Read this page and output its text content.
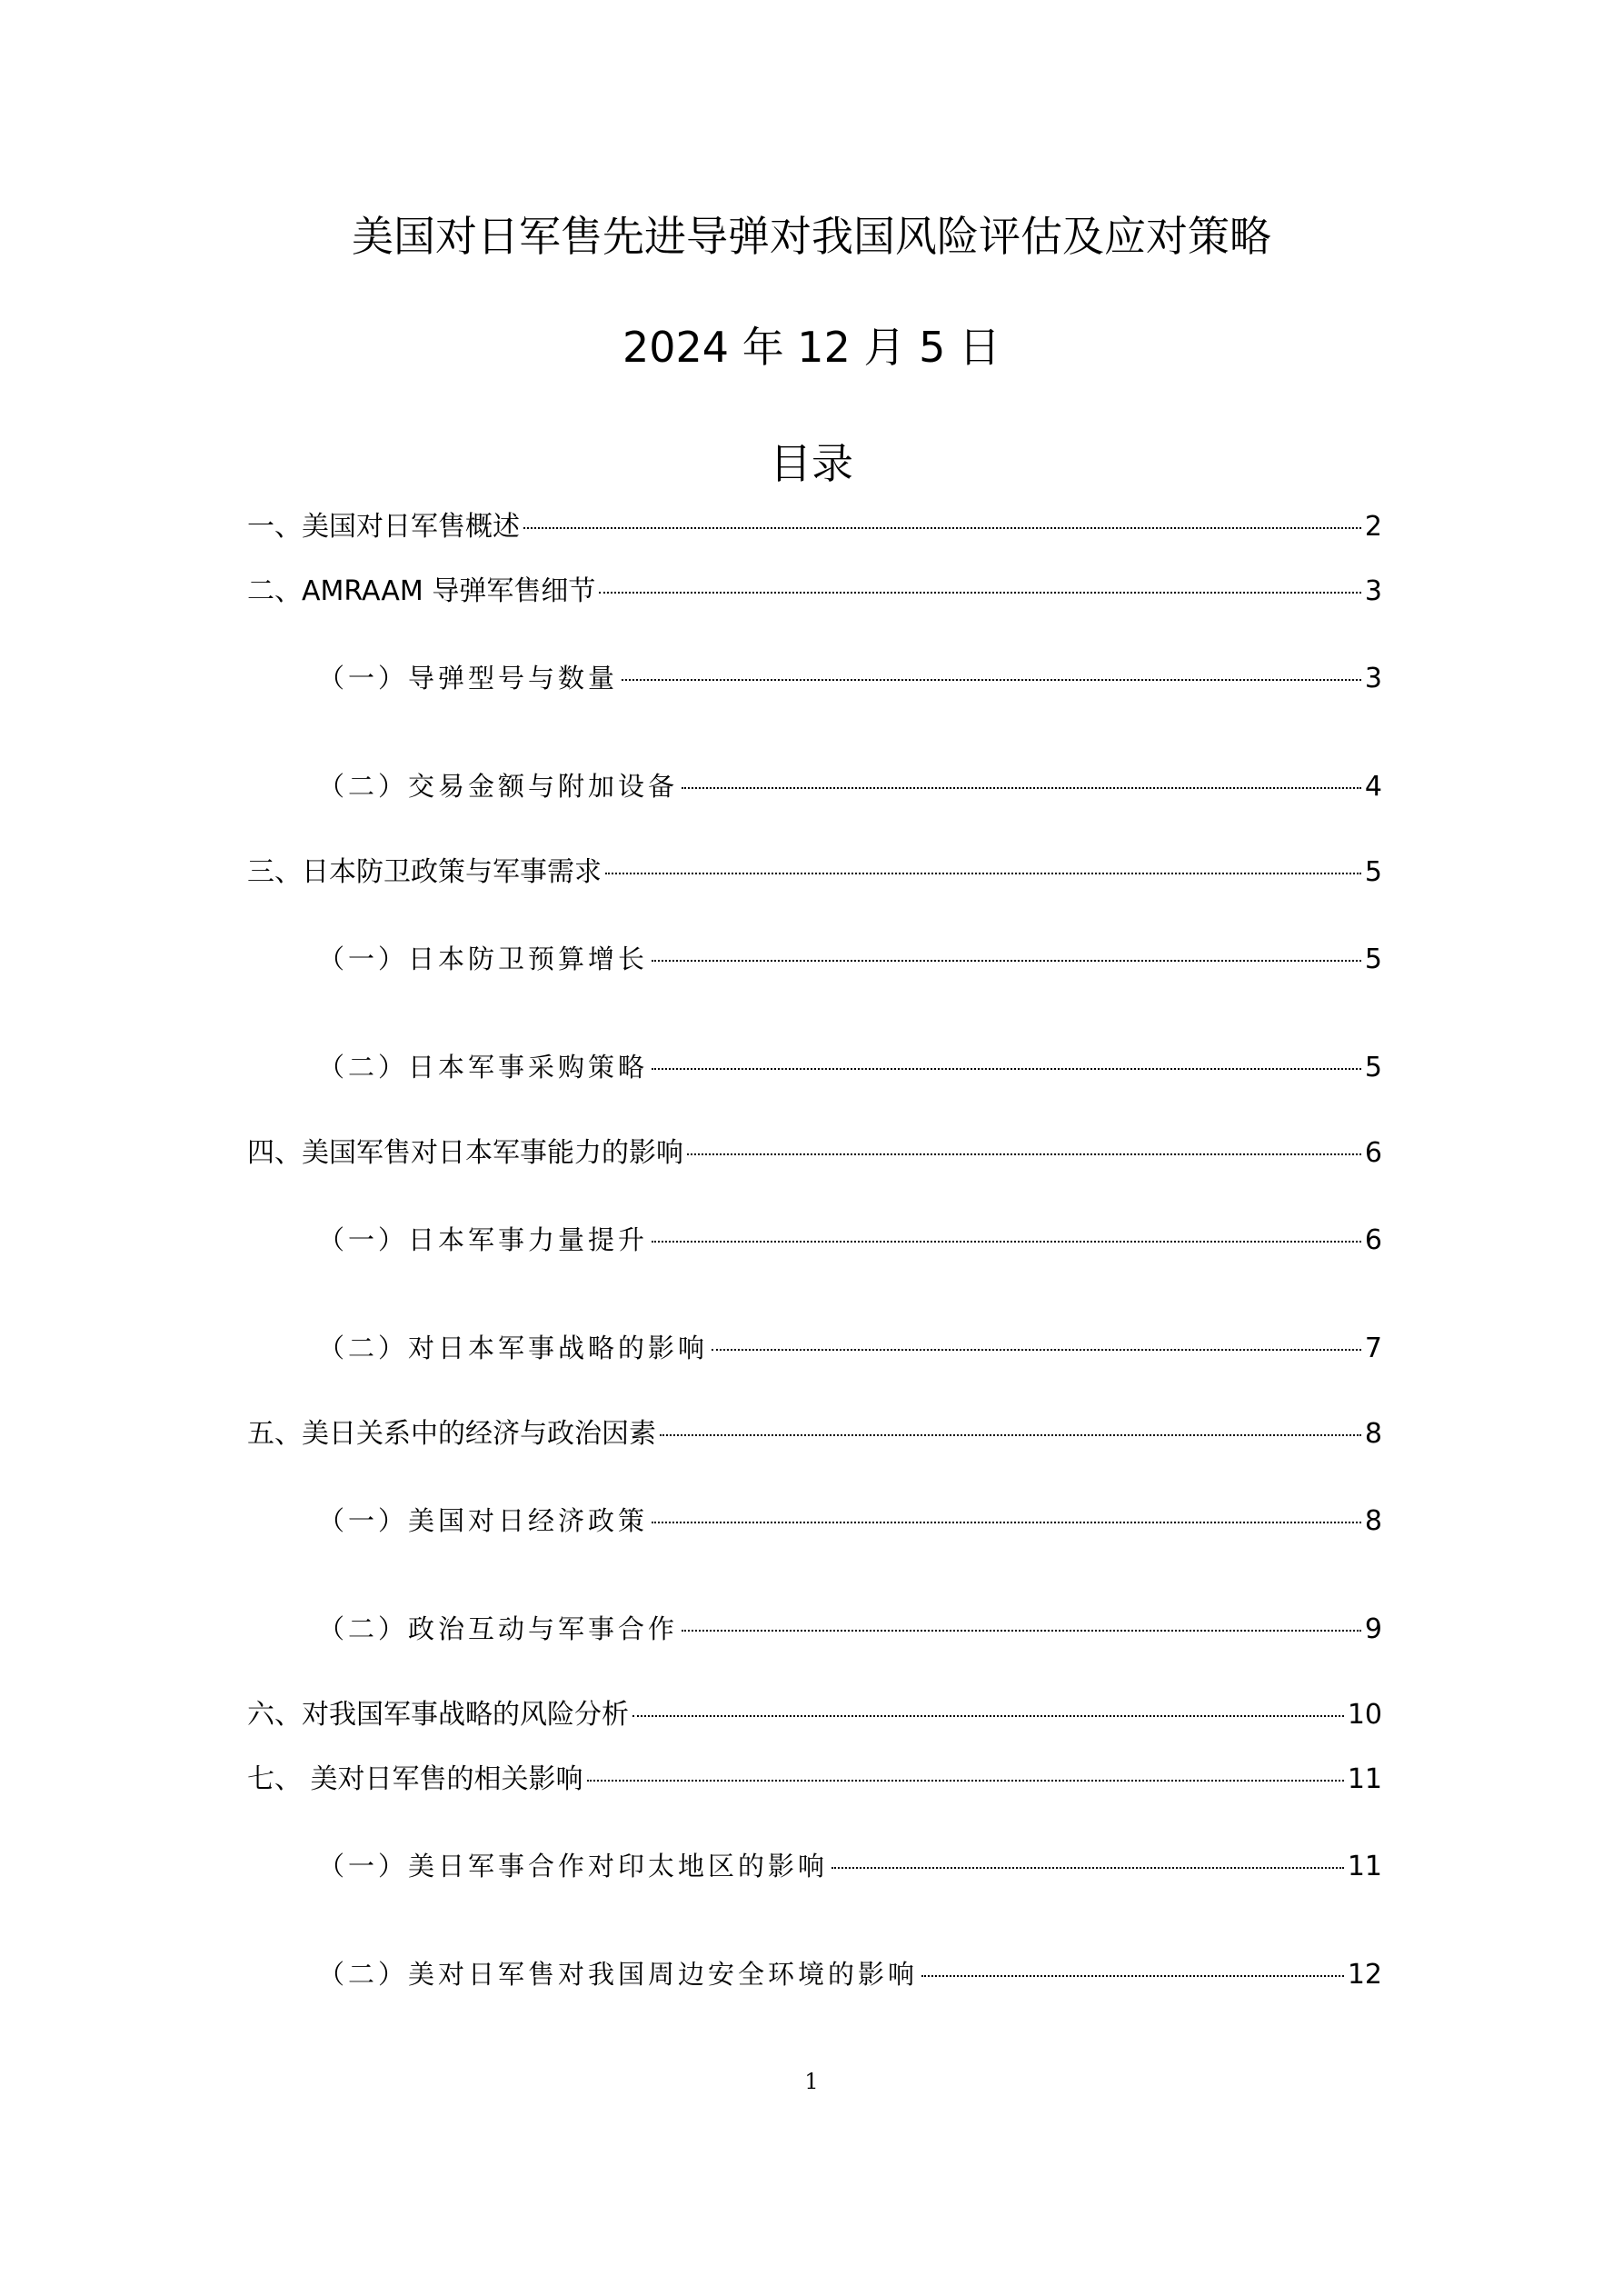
美国对日军售先进导弹对我国风险评估及应对策略
2024 年 12 月 5 日
目录
一、美国对日军售概述	2
二、AMRAAM 导弹军售细节	3
（一）导弹型号与数量	3
（二）交易金额与附加设备	4
三、日本防卫政策与军事需求	5
（一）日本防卫预算增长	5
（二）日本军事采购策略	5
四、美国军售对日本军事能力的影响	6
（一）日本军事力量提升	6
（二）对日本军事战略的影响	7
五、美日关系中的经济与政治因素	8
（一）美国对日经济政策	8
（二）政治互动与军事合作	9
六、对我国军事战略的风险分析	10
七、 美对日军售的相关影响	11
（一）美日军事合作对印太地区的影响	11
（二）美对日军售对我国周边安全环境的影响	12
1
